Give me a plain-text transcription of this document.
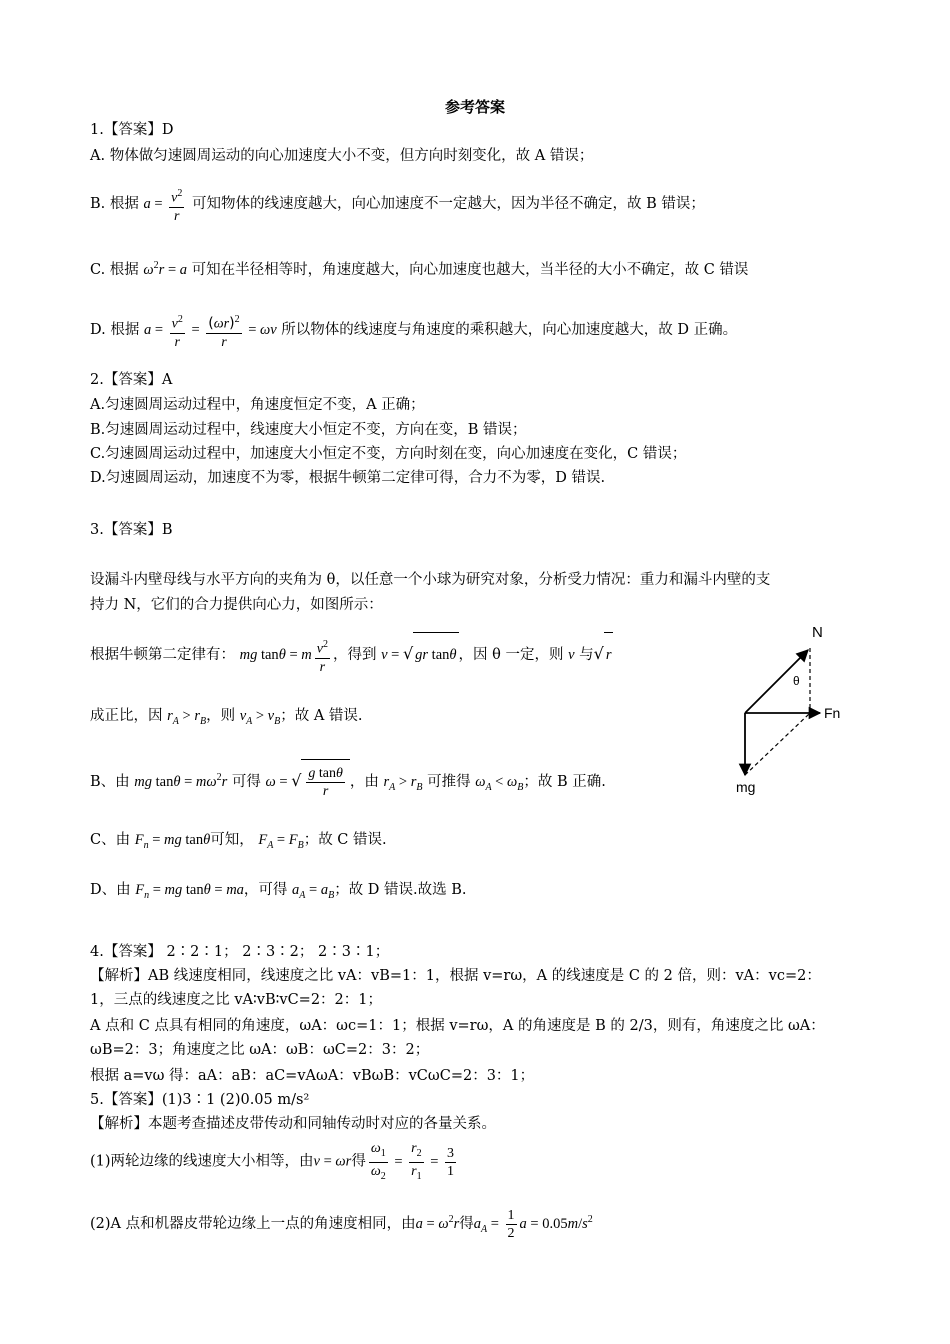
参考答案
1.【答案】D
A. 物体做匀速圆周运动的向心加速度大小不变，但方向时刻变化，故 A 错误；
B. 根据 $a = \frac{v^2}{r}$ 可知物体的线速度越大，向心加速度不一定越大，因为半径不确定，故 B 错误；
C. 根据 $\omega^2r = a$ 可知在半径相等时，角速度越大，向心加速度也越大，当半径的大小不确定，故 C 错误
D. 根据 $a = \frac{v^2}{r} = \frac{(\omega r)^2}{r} = \omega v$ 所以物体的线速度与角速度的乘积越大，向心加速度越大，故 D 正确。
2.【答案】A
A.匀速圆周运动过程中，角速度恒定不变，A 正确；
B.匀速圆周运动过程中，线速度大小恒定不变，方向在变，B 错误；
C.匀速圆周运动过程中，加速度大小恒定不变，方向时刻在变，向心加速度在变化，C 错误；
D.匀速圆周运动，加速度不为零，根据牛顿第二定律可得，合力不为零，D 错误.
3.【答案】B
设漏斗内壁母线与水平方向的夹角为 θ，以任意一个小球为研究对象，分析受力情况：重力和漏斗内壁的支
持力 N，它们的合力提供向心力，如图所示：
根据牛顿第二定律有： mg tanθ = m $\frac{v^2}{r}$ ，得到 v = √ gr tanθ ，因 θ 一定，则 v 与√ r
成正比，因 $r_A > r_B$，则 $v_A > v_B$；故 A 错误.
B、由 mg $\tan\theta = m\omega^2r$ 可得 ω = √ $\frac{\text{g tanθ}}{r}$ ，由 $r_A > r_B$ 可推得 $\omega_A < \omega_B$；故 B 正确.
C、由 $F_n$ = mg tanθ可知， $F_A = F_B$；故 C 错误.
D、由 $F_n$ = mg tanθ = ma，可得 $a_A = a_B$；故 D 错误.故选 B.
N
θ
Fn
mg
4.【答案】 2∶2∶1； 2∶3∶2； 2∶3∶1；
【解析】AB 线速度相同，线速度之比 vA：vB=1：1，根据 v=rω，A 的线速度是 C 的 2 倍，则：vA：vc=2：
1，三点的线速度之比 vA∶vB∶vC=2：2：1；
A 点和 C 点具有相同的角速度，ωA：ωc=1：1；根据 v=rω，A 的角速度是 B 的 2/3，则有，角速度之比 ωA：
ωB=2：3；角速度之比 ωA：ωB：ωC=2：3：2；
根据 a=vω 得：aA：aB：aC=vAωA：vBωB：vCωC=2：3：1；
5.【答案】(1)3∶1 (2)0.05 m/s²
【解析】本题考查描述皮带传动和同轴传动时对应的各量关系。
(1)两轮边缘的线速度大小相等，由v = ωr得 $\frac{\omega_1}{\omega_2} = \frac{r_2}{r_1} = \frac{3}{1}$
(2)A 点和机器皮带轮边缘上一点的角速度相同，由$a = \omega^2r$得$a_A = \frac{1}{2}$ $a = 0.05m/s^2$
